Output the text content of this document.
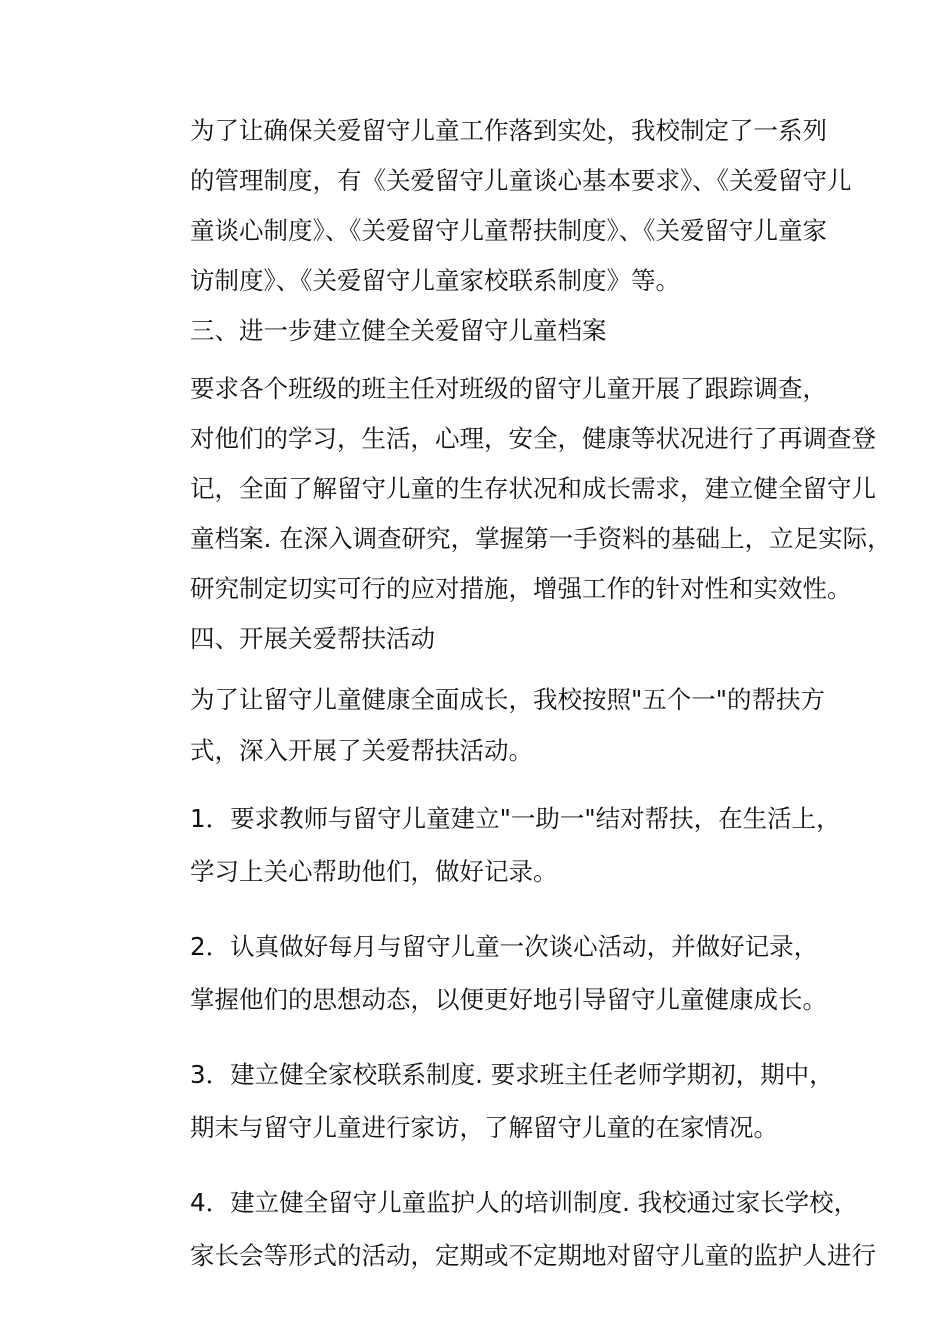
为了让确保关爱留守儿童工作落到实处，我校制定了一系列
的管理制度，有《关爱留守儿童谈心基本要求》、《关爱留守儿
童谈心制度》、《关爱留守儿童帮扶制度》、《关爱留守儿童家
访制度》、《关爱留守儿童家校联系制度》等。

三、进一步建立健全关爱留守儿童档案

要求各个班级的班主任对班级的留守儿童开展了跟踪调查，
对他们的学习，生活，心理，安全，健康等状况进行了再调查登
记，全面了解留守儿童的生存状况和成长需求，建立健全留守儿
童档案. 在深入调查研究，掌握第一手资料的基础上，立足实际，
研究制定切实可行的应对措施，增强工作的针对性和实效性。

四、开展关爱帮扶活动

为了让留守儿童健康全面成长，我校按照"五个一"的帮扶方
式，深入开展了关爱帮扶活动。

1．要求教师与留守儿童建立"一助一"结对帮扶，在生活上，
学习上关心帮助他们，做好记录。

2．认真做好每月与留守儿童一次谈心活动，并做好记录，
掌握他们的思想动态，以便更好地引导留守儿童健康成长。

3．建立健全家校联系制度. 要求班主任老师学期初，期中，
期末与留守儿童进行家访，了解留守儿童的在家情况。

4．建立健全留守儿童监护人的培训制度. 我校通过家长学校，
家长会等形式的活动，定期或不定期地对留守儿童的监护人进行
